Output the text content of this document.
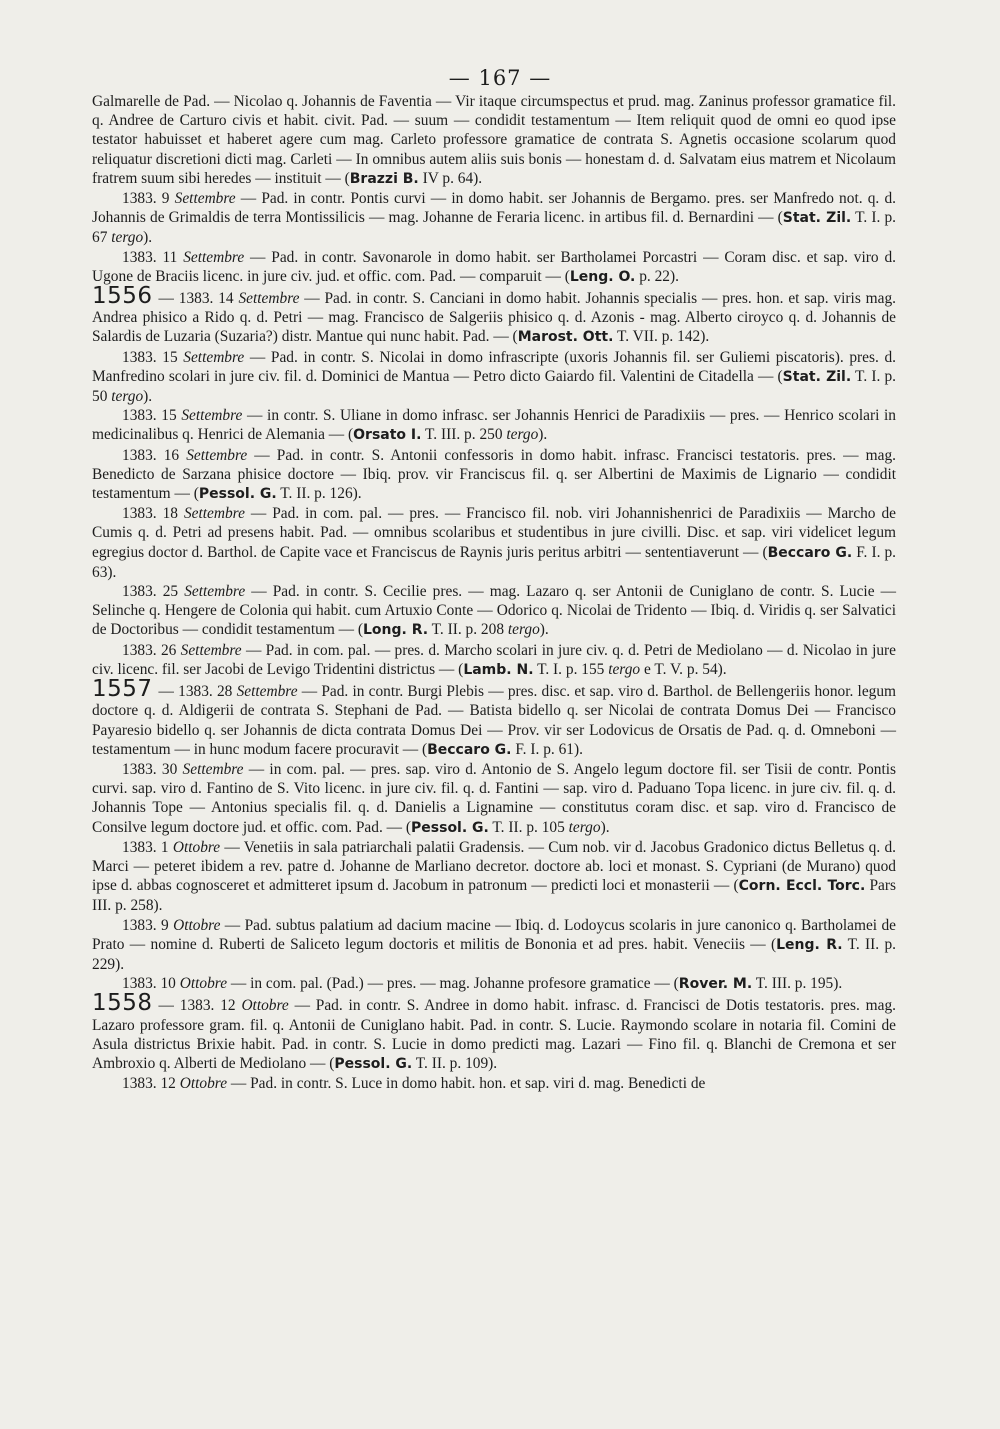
— 167 —

Galmarelle de Pad. — Nicolao q. Johannis de Faventia — Vir itaque circumspectus et prud. mag. Zaninus professor gramatice fil. q. Andree de Carturo civis et habit. civit. Pad. — suum — condidit testamentum — Item reliquit quod de omni eo quod ipse testator habuisset et haberet agere cum mag. Carleto professore gramatice de contrata S. Agnetis occasione scolarum quod reliquatur discretioni dicti mag. Carleti — In omnibus autem aliis suis bonis — honestam d. d. Salvatam eius matrem et Nicolaum fratrem suum sibi heredes — instituit — (Brazzi B. IV p. 64).

1383. 9 Settembre — Pad. in contr. Pontis curvi — in domo habit. ser Johannis de Bergamo. pres. ser Manfredo not. q. d. Johannis de Grimaldis de terra Montissilicis — mag. Johanne de Feraria licenc. in artibus fil. d. Bernardini — (Stat. Zil. T. I. p. 67 tergo).

1383. 11 Settembre — Pad. in contr. Savonarole in domo habit. ser Bartholamei Porcastri — Coram disc. et sap. viro d. Ugone de Braciis licenc. in jure civ. jud. et offic. com. Pad. — comparuit — (Leng. O. p. 22).

1556 — 1383. 14 Settembre — Pad. in contr. S. Canciani in domo habit. Johannis specialis — pres. hon. et sap. viris mag. Andrea phisico a Rido q. d. Petri — mag. Francisco de Salgeriis phisico q. d. Azonis - mag. Alberto ciroyco q. d. Johannis de Salardis de Luzaria (Suzaria?) distr. Mantue qui nunc habit. Pad. — (Marost. Ott. T. VII. p. 142).

1383. 15 Settembre — Pad. in contr. S. Nicolai in domo infrascripte (uxoris Johannis fil. ser Guliemi piscatoris). pres. d. Manfredino scolari in jure civ. fil. d. Dominici de Mantua — Petro dicto Gaiardo fil. Valentini de Citadella — (Stat. Zil. T. I. p. 50 tergo).

1383. 15 Settembre — in contr. S. Uliane in domo infrasc. ser Johannis Henrici de Paradixiis — pres. — Henrico scolari in medicinalibus q. Henrici de Alemania — (Orsato I. T. III. p. 250 tergo).

1383. 16 Settembre — Pad. in contr. S. Antonii confessoris in domo habit. infrasc. Francisci testatoris. pres. — mag. Benedicto de Sarzana phisice doctore — Ibiq. prov. vir Franciscus fil. q. ser Albertini de Maximis de Lignario — condidit testamentum — (Pessol. G. T. II. p. 126).

1383. 18 Settembre — Pad. in com. pal. — pres. — Francisco fil. nob. viri Johannishenrici de Paradixiis — Marcho de Cumis q. d. Petri ad presens habit. Pad. — omnibus scolaribus et studentibus in jure civilli. Disc. et sap. viri videlicet legum egregius doctor d. Barthol. de Capite vace et Franciscus de Raynis juris peritus arbitri — sententiaverunt — (Beccaro G. F. I. p. 63).

1383. 25 Settembre — Pad. in contr. S. Cecilie pres. — mag. Lazaro q. ser Antonii de Cuniglano de contr. S. Lucie — Selinche q. Hengere de Colonia qui habit. cum Artuxio Conte — Odorico q. Nicolai de Tridento — Ibiq. d. Viridis q. ser Salvatici de Doctoribus — condidit testamentum — (Long. R. T. II. p. 208 tergo).

1383. 26 Settembre — Pad. in com. pal. — pres. d. Marcho scolari in jure civ. q. d. Petri de Mediolano — d. Nicolao in jure civ. licenc. fil. ser Jacobi de Levigo Tridentini districtus — (Lamb. N. T. I. p. 155 tergo e T. V. p. 54).

1557 — 1383. 28 Settembre — Pad. in contr. Burgi Plebis — pres. disc. et sap. viro d. Barthol. de Bellengeriis honor. legum doctore q. d. Aldigerii de contrata S. Stephani de Pad. — Batista bidello q. ser Nicolai de contrata Domus Dei — Francisco Payaresio bidello q. ser Johannis de dicta contrata Domus Dei — Prov. vir ser Lodovicus de Orsatis de Pad. q. d. Omneboni — testamentum — in hunc modum facere procuravit — (Beccaro G. F. I. p. 61).

1383. 30 Settembre — in com. pal. — pres. sap. viro d. Antonio de S. Angelo legum doctore fil. ser Tisii de contr. Pontis curvi. sap. viro d. Fantino de S. Vito licenc. in jure civ. fil. q. d. Fantini — sap. viro d. Paduano Topa licenc. in jure civ. fil. q. d. Johannis Tope — Antonius specialis fil. q. d. Danielis a Lignamine — constitutus coram disc. et sap. viro d. Francisco de Consilve legum doctore jud. et offic. com. Pad. — (Pessol. G. T. II. p. 105 tergo).

1383. 1 Ottobre — Venetiis in sala patriarchali palatii Gradensis. — Cum nob. vir d. Jacobus Gradonico dictus Belletus q. d. Marci — peteret ibidem a rev. patre d. Johanne de Marliano decretor. doctore ab. loci et monast. S. Cypriani (de Murano) quod ipse d. abbas cognosceret et admitteret ipsum d. Jacobum in patronum — predicti loci et monasterii — (Corn. Eccl. Torc. Pars III. p. 258).

1383. 9 Ottobre — Pad. subtus palatium ad dacium macine — Ibiq. d. Lodoycus scolaris in jure canonico q. Bartholamei de Prato — nomine d. Ruberti de Saliceto legum doctoris et militis de Bononia et ad pres. habit. Veneciis — (Leng. R. T. II. p. 229).

1383. 10 Ottobre — in com. pal. (Pad.) — pres. — mag. Johanne profesore gramatice — (Rover. M. T. III. p. 195).

1558 — 1383. 12 Ottobre — Pad. in contr. S. Andree in domo habit. infrasc. d. Francisci de Dotis testatoris. pres. mag. Lazaro professore gram. fil. q. Antonii de Cuniglano habit. Pad. in contr. S. Lucie. Raymondo scolare in notaria fil. Comini de Asula districtus Brixie habit. Pad. in contr. S. Lucie in domo predicti mag. Lazari — Fino fil. q. Blanchi de Cremona et ser Ambroxio q. Alberti de Mediolano — (Pessol. G. T. II. p. 109).

1383. 12 Ottobre — Pad. in contr. S. Luce in domo habit. hon. et sap. viri d. mag. Benedicti de
